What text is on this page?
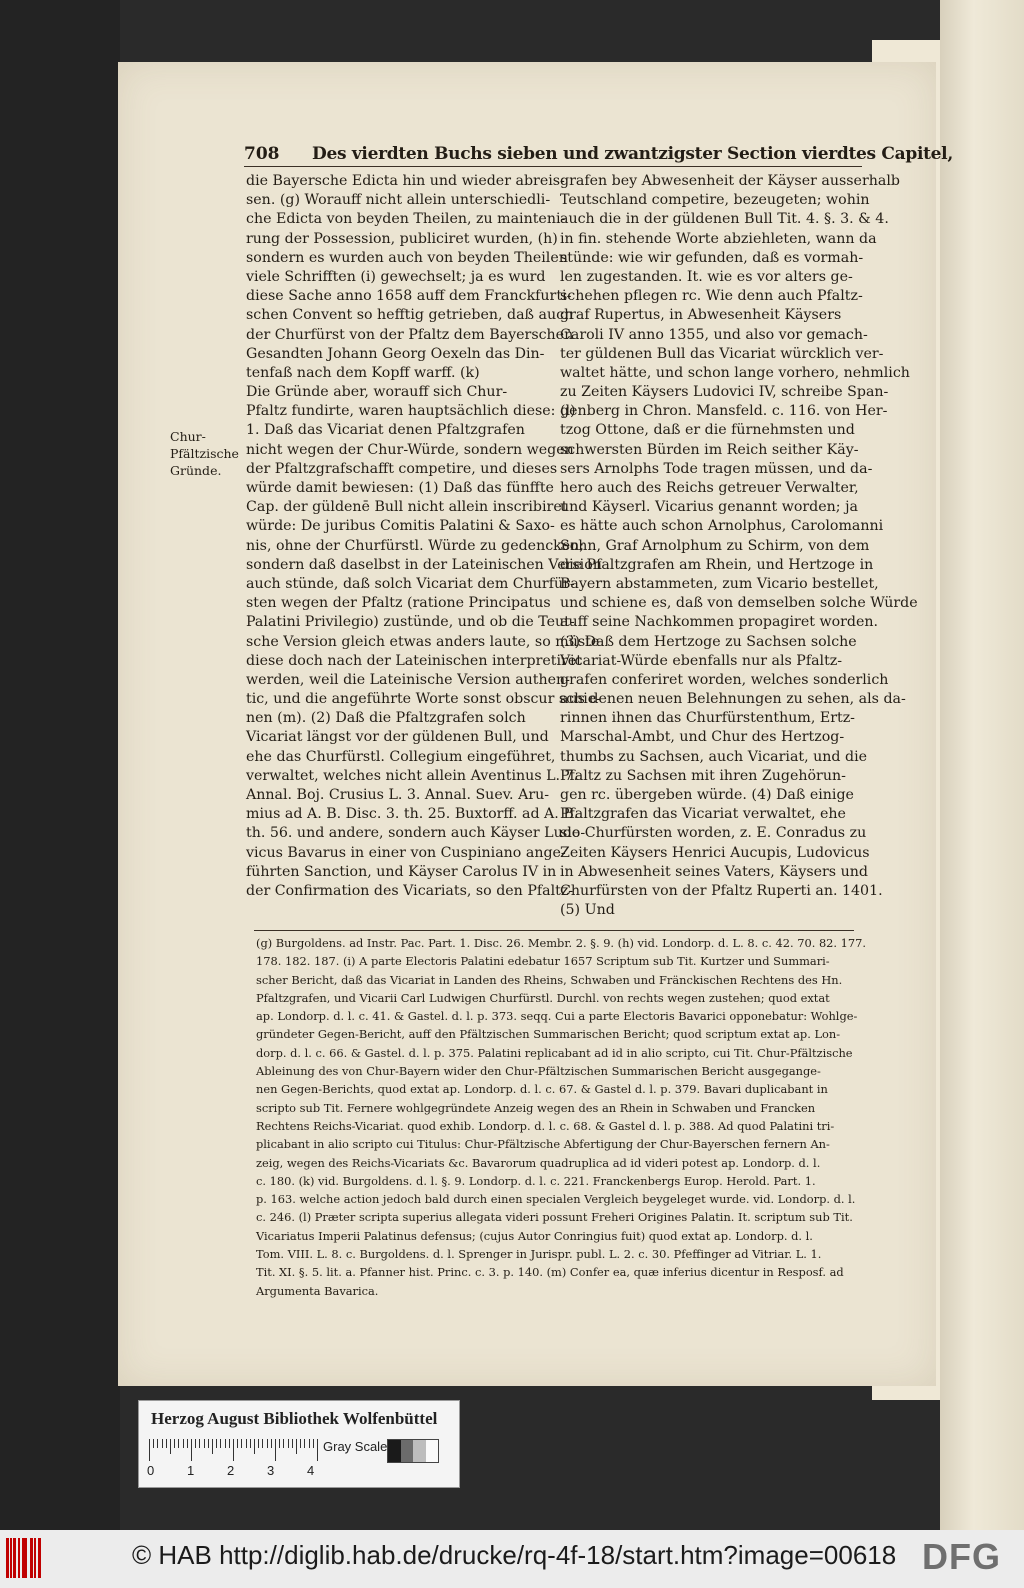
708 Des vierdten Buchs sieben und zwantzigster Section vierdtes Capitel,
Chur-Pfältzische Gründe.
die Bayersche Edicta hin und wieder abreis-
sen. (g) Worauff nicht allein unterschiedli-
che Edicta von beyden Theilen, zu mainteni-
rung der Possession, publiciret wurden, (h)
sondern es wurden auch von beyden Theilen
viele Schrifften (i) gewechselt; ja es wurd
diese Sache anno 1658 auff dem Franckfurti-
schen Convent so hefftig getrieben, daß auch
der Churfürst von der Pfaltz dem Bayerschen
Gesandten Johann Georg Oexeln das Din-
tenfaß nach dem Kopff warff. (k)
Die Gründe aber, worauff sich Chur-
Pfaltz fundirte, waren hauptsächlich diese: (l)
1. Daß das Vicariat denen Pfaltzgrafen
nicht wegen der Chur-Würde, sondern wegen
der Pfaltzgrafschafft competire, und dieses
würde damit bewiesen: (1) Daß das fünffte
Cap. der güldenē Bull nicht allein inscribiret
würde: De juribus Comitis Palatini & Saxo-
nis, ohne der Churfürstl. Würde zu gedencken;
sondern daß daselbst in der Lateinischen Version
auch stünde, daß solch Vicariat dem Churfür-
sten wegen der Pfaltz (ratione Principatus
Palatini Privilegio) zustünde, und ob die Teut-
sche Version gleich etwas anders laute, so müste
diese doch nach der Lateinischen interpretiret
werden, weil die Lateinische Version authen-
tic, und die angeführte Worte sonst obscur schie-
nen (m). (2) Daß die Pfaltzgrafen solch
Vicariat längst vor der güldenen Bull, und
ehe das Churfürstl. Collegium eingeführet,
verwaltet, welches nicht allein Aventinus L. 7.
Annal. Boj. Crusius L. 3. Annal. Suev. Aru-
mius ad A. B. Disc. 3. th. 25. Buxtorff. ad A. B.
th. 56. und andere, sondern auch Käyser Ludo-
vicus Bavarus in einer von Cuspiniano ange-
führten Sanction, und Käyser Carolus IV in
der Confirmation des Vicariats, so den Pfaltz-
grafen bey Abwesenheit der Käyser ausserhalb
Teutschland competire, bezeugeten; wohin
auch die in der güldenen Bull Tit. 4. §. 3. & 4.
in fin. stehende Worte abziehleten, wann da
stünde: wie wir gefunden, daß es vormah-
len zugestanden. It. wie es vor alters ge-
schehen pflegen rc. Wie denn auch Pfaltz-
graf Rupertus, in Abwesenheit Käysers
Caroli IV anno 1355, und also vor gemach-
ter güldenen Bull das Vicariat würcklich ver-
waltet hätte, und schon lange vorhero, nehmlich
zu Zeiten Käysers Ludovici IV, schreibe Span-
genberg in Chron. Mansfeld. c. 116. von Her-
tzog Ottone, daß er die fürnehmsten und
schwersten Bürden im Reich seither Käy-
sers Arnolphs Tode tragen müssen, und da-
hero auch des Reichs getreuer Verwalter,
und Käyserl. Vicarius genannt worden; ja
es hätte auch schon Arnolphus, Carolomanni
Sohn, Graf Arnolphum zu Schirm, von dem
die Pfaltzgrafen am Rhein, und Hertzoge in
Bayern abstammeten, zum Vicario bestellet,
und schiene es, daß von demselben solche Würde
auff seine Nachkommen propagiret worden.
(3) Daß dem Hertzoge zu Sachsen solche
Vicariat-Würde ebenfalls nur als Pfaltz-
grafen conferiret worden, welches sonderlich
aus denen neuen Belehnungen zu sehen, als da-
rinnen ihnen das Churfürstenthum, Ertz-
Marschal-Ambt, und Chur des Hertzog-
thumbs zu Sachsen, auch Vicariat, und die
Pfaltz zu Sachsen mit ihren Zugehörun-
gen rc. übergeben würde. (4) Daß einige
Pfaltzgrafen das Vicariat verwaltet, ehe
sie Churfürsten worden, z. E. Conradus zu
Zeiten Käysers Henrici Aucupis, Ludovicus
in Abwesenheit seines Vaters, Käysers und
Churfürsten von der Pfaltz Ruperti an. 1401.
(5) Und
(g) Burgoldens. ad Instr. Pac. Part. 1. Disc. 26. Membr. 2. §. 9. (h) vid. Londorp. d. L. 8. c. 42. 70. 82. 177.
178. 182. 187. (i) A parte Electoris Palatini edebatur 1657 Scriptum sub Tit. Kurtzer und Summari-
scher Bericht, daß das Vicariat in Landen des Rheins, Schwaben und Fränckischen Rechtens des Hn.
Pfaltzgrafen, und Vicarii Carl Ludwigen Churfürstl. Durchl. von rechts wegen zustehen; quod extat
ap. Londorp. d. l. c. 41. & Gastel. d. l. p. 373. seqq. Cui a parte Electoris Bavarici opponebatur: Wohlge-
gründeter Gegen-Bericht, auff den Pfältzischen Summarischen Bericht; quod scriptum extat ap. Lon-
dorp. d. l. c. 66. & Gastel. d. l. p. 375. Palatini replicabant ad id in alio scripto, cui Tit. Chur-Pfältzische
Ableinung des von Chur-Bayern wider den Chur-Pfältzischen Summarischen Bericht ausgegange-
nen Gegen-Berichts, quod extat ap. Londorp. d. l. c. 67. & Gastel d. l. p. 379. Bavari duplicabant in
scripto sub Tit. Fernere wohlgegründete Anzeig wegen des an Rhein in Schwaben und Francken
Rechtens Reichs-Vicariat. quod exhib. Londorp. d. l. c. 68. & Gastel d. l. p. 388. Ad quod Palatini tri-
plicabant in alio scripto cui Titulus: Chur-Pfältzische Abfertigung der Chur-Bayerschen fernern An-
zeig, wegen des Reichs-Vicariats &c. Bavarorum quadruplica ad id videri potest ap. Londorp. d. l.
c. 180. (k) vid. Burgoldens. d. l. §. 9. Londorp. d. l. c. 221. Franckenbergs Europ. Herold. Part. 1.
p. 163. welche action jedoch bald durch einen specialen Vergleich beygeleget wurde. vid. Londorp. d. l.
c. 246. (l) Præter scripta superius allegata videri possunt Freheri Origines Palatin. It. scriptum sub Tit.
Vicariatus Imperii Palatinus defensus; (cujus Autor Conringius fuit) quod extat ap. Londorp. d. l.
Tom. VIII. L. 8. c. Burgoldens. d. l. Sprenger in Jurispr. publ. L. 2. c. 30. Pfeffinger ad Vitriar. L. 1.
Tit. XI. §. 5. lit. a. Pfanner hist. Princ. c. 3. p. 140. (m) Confer ea, quæ inferius dicentur in Resposf. ad
Argumenta Bavarica.
Herzog August Bibliothek Wolfenbüttel
0	1	2	3	4
Gray Scale
© HAB http://diglib.hab.de/drucke/rq-4f-18/start.htm?image=00618 DFG
